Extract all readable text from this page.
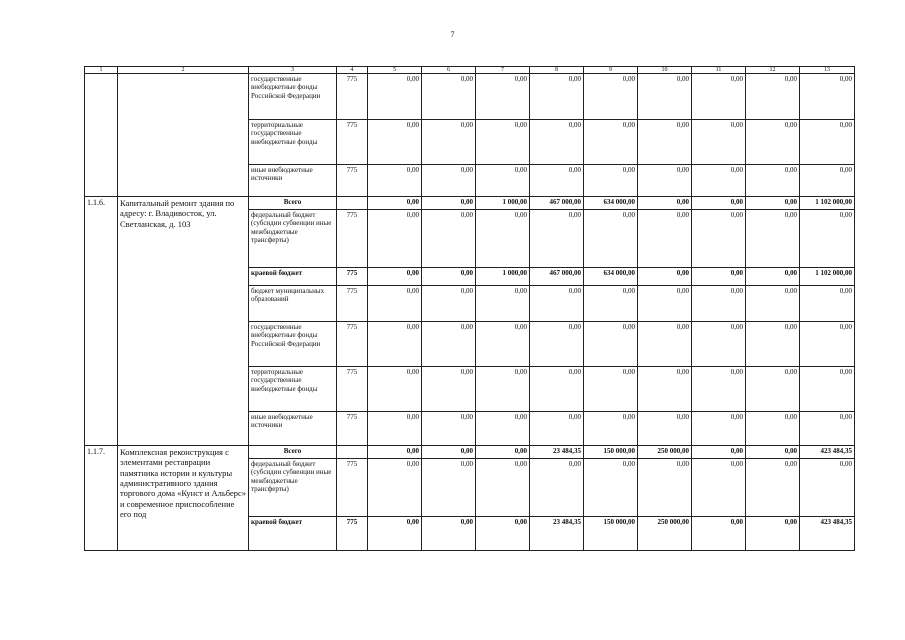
7
1	2	3	4	5	6	7	8	9	10	11	12	13
		государственные внебюджетные фонды Российской Федерации	775	0,00	0,00	0,00	0,00	0,00	0,00	0,00	0,00	0,00
		территориальные государственные внебюджетные фонды	775	0,00	0,00	0,00	0,00	0,00	0,00	0,00	0,00	0,00
		иные внебюджетные источники	775	0,00	0,00	0,00	0,00	0,00	0,00	0,00	0,00	0,00
1.1.6.	Капитальный ремонт здания по адресу: г. Владивосток, ул. Светланская, д. 103	Всего		0,00	0,00	1 000,00	467 000,00	634 000,00	0,00	0,00	0,00	1 102 000,00
		федеральный бюджет (субсидии субвенции иные межбюджетные трансферты)	775	0,00	0,00	0,00	0,00	0,00	0,00	0,00	0,00	0,00
		краевой бюджет	775	0,00	0,00	1 000,00	467 000,00	634 000,00	0,00	0,00	0,00	1 102 000,00
		бюджет муниципальных образований	775	0,00	0,00	0,00	0,00	0,00	0,00	0,00	0,00	0,00
		государственные внебюджетные фонды Российской Федерации	775	0,00	0,00	0,00	0,00	0,00	0,00	0,00	0,00	0,00
		территориальные государственные внебюджетные фонды	775	0,00	0,00	0,00	0,00	0,00	0,00	0,00	0,00	0,00
		иные внебюджетные источники	775	0,00	0,00	0,00	0,00	0,00	0,00	0,00	0,00	0,00
1.1.7.	Комплексная реконструкция с элементами реставрации памятника истории и культуры административного здания торгового дома «Кунст и Альберс» и современное приспособление его под	Всего		0,00	0,00	0,00	23 484,35	150 000,00	250 000,00	0,00	0,00	423 484,35
		федеральный бюджет (субсидии субвенции иные межбюджетные трансферты)	775	0,00	0,00	0,00	0,00	0,00	0,00	0,00	0,00	0,00
		краевой бюджет	775	0,00	0,00	0,00	23 484,35	150 000,00	250 000,00	0,00	0,00	423 484,35
